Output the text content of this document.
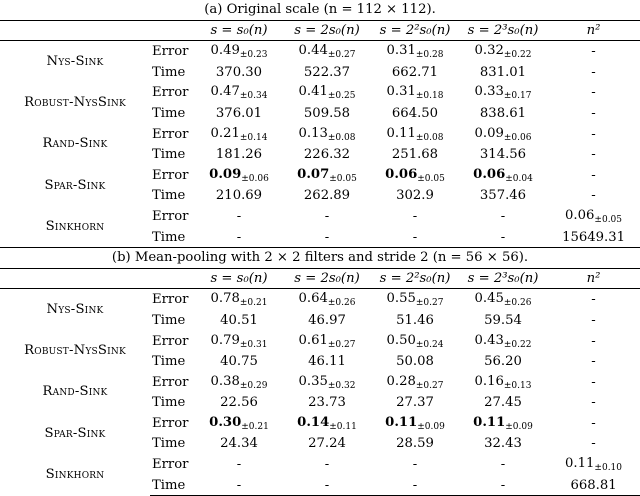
(a) Original scale (n = 112 × 112).						
		s = s₀(n)	s = 2s₀(n)	s = 2²s₀(n)	s = 2³s₀(n)	n²
Nys-Sink	Error	$0.49_{\pm 0.23}$	$0.44_{\pm 0.27}$	$0.31_{\pm 0.28}$	$0.32_{\pm 0.22}$	-
	Time	370.30	522.37	662.71	831.01	-
Robust-NysSink	Error	$0.47_{\pm 0.34}$	$0.41_{\pm 0.25}$	$0.31_{\pm 0.18}$	$0.33_{\pm 0.17}$	-
	Time	376.01	509.58	664.50	838.61	-
Rand-Sink	Error	$0.21_{\pm 0.14}$	$0.13_{\pm 0.08}$	$0.11_{\pm 0.08}$	$0.09_{\pm 0.06}$	-
	Time	181.26	226.32	251.68	314.56	-
Spar-Sink	Error	$0.09_{\pm 0.06}$	$0.07_{\pm 0.05}$	$0.06_{\pm 0.05}$	$0.06_{\pm 0.04}$	-
	Time	210.69	262.89	302.9	357.46	-
Sinkhorn	Error	-	-	-	-	$0.06_{\pm 0.05}$
	Time	-	-	-	-	15649.31
(b) Mean-pooling with 2 × 2 filters and stride 2 (n = 56 × 56).						
		s = s₀(n)	s = 2s₀(n)	s = 2²s₀(n)	s = 2³s₀(n)	n²
Nys-Sink	Error	$0.78_{\pm 0.21}$	$0.64_{\pm 0.26}$	$0.55_{\pm 0.27}$	$0.45_{\pm 0.26}$	-
	Time	40.51	46.97	51.46	59.54	-
Robust-NysSink	Error	$0.79_{\pm 0.31}$	$0.61_{\pm 0.27}$	$0.50_{\pm 0.24}$	$0.43_{\pm 0.22}$	-
	Time	40.75	46.11	50.08	56.20	-
Rand-Sink	Error	$0.38_{\pm 0.29}$	$0.35_{\pm 0.32}$	$0.28_{\pm 0.27}$	$0.16_{\pm 0.13}$	-
	Time	22.56	23.73	27.37	27.45	-
Spar-Sink	Error	$0.30_{\pm 0.21}$	$0.14_{\pm 0.11}$	$0.11_{\pm 0.09}$	$0.11_{\pm 0.09}$	-
	Time	24.34	27.24	28.59	32.43	-
Sinkhorn	Error	-	-	-	-	$0.11_{\pm 0.10}$
	Time	-	-	-	-	668.81
